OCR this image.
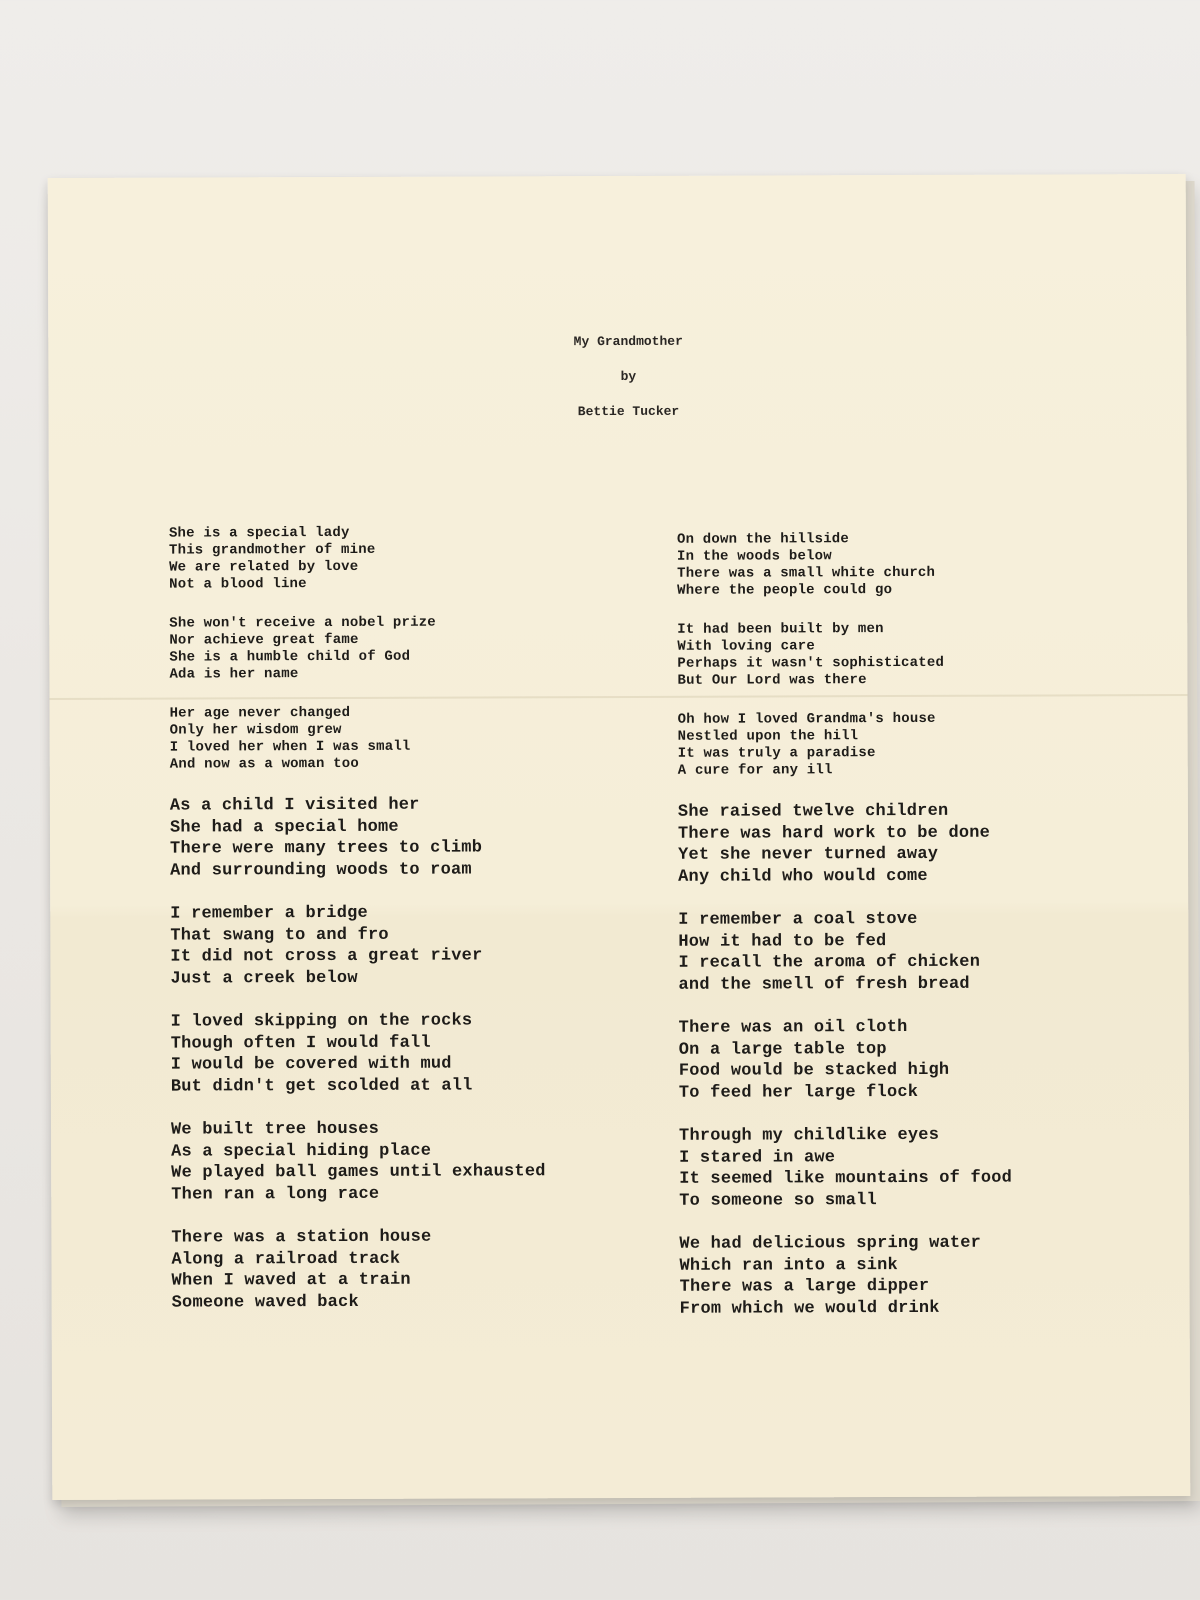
My Grandmother
by
Bettie Tucker
She is a special lady
This grandmother of mine
We are related by love
Not a blood line
She won't receive a nobel prize
Nor achieve great fame
She is a humble child of God
Ada is her name
Her age never changed
Only her wisdom grew
I loved her when I was small
And now as a woman too
As a child I visited her
She had a special home
There were many trees to climb
And surrounding woods to roam
I remember a bridge
That swang to and fro
It did not cross a great river
Just a creek below
I loved skipping on the rocks
Though often I would fall
I would be covered with mud
But didn't get scolded at all
We built tree houses
As a special hiding place
We played ball games until exhausted
Then ran a long race
There was a station house
Along a railroad track
When I waved at a train
Someone waved back
On down the hillside
In the woods below
There was a small white church
Where the people could go
It had been built by men
With loving care
Perhaps it wasn't sophisticated
But Our Lord was there
Oh how I loved Grandma's house
Nestled upon the hill
It was truly a paradise
A cure for any ill
She raised twelve children
There was hard work to be done
Yet she never turned away
Any child who would come
I remember a coal stove
How it had to be fed
I recall the aroma of chicken
and the smell of fresh bread
There was an oil cloth
On a large table top
Food would be stacked high
To feed her large flock
Through my childlike eyes
I stared in awe
It seemed like mountains of food
To someone so small
We had delicious spring water
Which ran into a sink
There was a large dipper
From which we would drink
